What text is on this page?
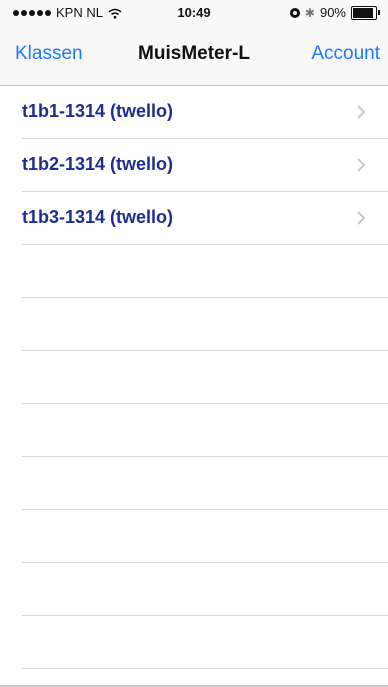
KPN NL	10:49	✱ 90%
Klassen	MuisMeter-L	Account
t1b1-1314 (twello)
t1b2-1314 (twello)
t1b3-1314 (twello)
